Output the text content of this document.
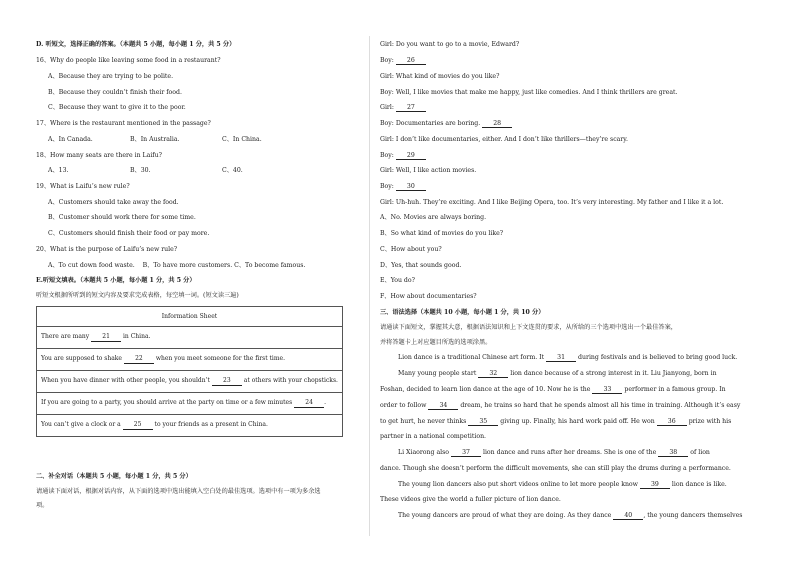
D. 听短文，选择正确的答案。（本题共 5 小题，每小题 1 分，共 5 分）
16、Why do people like leaving some food in a restaurant?
A、Because they are trying to be polite.
B、Because they couldn’t finish their food.
C、Because they want to give it to the poor.
17、Where is the restaurant mentioned in the passage?
A、In Canada.	B、In Australia.	C、In China.
18、How many seats are there in Laifu?
A、13.	B、30.	C、40.
19、What is Laifu’s new rule?
A、Customers should take away the food.
B、Customer should work there for some time.
C、Customers should finish their food or pay more.
20、What is the purpose of Laifu’s new rule?
A、To cut down food waste.    B、To have more customers. C、To become famous.
E.听短文填表。（本题共 5 小题，每小题 1 分，共 5 分）
听短文根据所听到的短文内容及要求完成表格，每空填一词。(短文读三遍)
Information Sheet
There are many 21 in China.
You are supposed to shake 22 when you meet someone for the first time.
When you have dinner with other people, you shouldn’t 23 at others with your chopsticks.
If you are going to a party, you should arrive at the party on time or a few minutes 24 .
You can’t give a clock or a 25 to your friends as a present in China.
二、补全对话（本题共 5 小题，每小题 1 分，共 5 分）
请通读下面对话，根据对话内容，从下面的选项中选出能填入空白处的最佳选项。选项中有一项为多余选
项。
Girl: Do you want to go to a movie, Edward?
Boy: 26
Girl: What kind of movies do you like?
Boy: Well, I like movies that make me happy, just like comedies. And I think thrillers are great.
Girl: 27
Boy: Documentaries are boring. 28
Girl: I don’t like documentaries, either. And I don’t like thrillers—they’re scary.
Boy: 29
Girl: Well, I like action movies.
Boy: 30
Girl: Uh-huh. They’re exciting. And I like Beijing Opera, too. It’s very interesting. My father and I like it a lot.
A、No. Movies are always boring.
B、So what kind of movies do you like?
C、How about you?
D、Yes, that sounds good.
E、You do?
F、How about documentaries?
三、语法选择（本题共 10 小题，每小题 1 分，共 10 分）
请通读下面短文，掌握其大意，根据语法知识和上下文连贯的要求，从所给的三个选项中选出一个最佳答案，
并将答题卡上对应题目所选的选项涂黑。
Lion dance is a traditional Chinese art form. It 31 during festivals and is believed to bring good luck.
Many young people start 32 lion dance because of a strong interest in it. Liu Jianyong, born in
Foshan, decided to learn lion dance at the age of 10. Now he is the 33 performer in a famous group. In
order to follow 34 dream, he trains so hard that he spends almost all his time in training. Although it’s easy
to get hurt, he never thinks 35 giving up. Finally, his hard work paid off. He won 36 prize with his
partner in a national competition.
Li Xiaorong also 37 lion dance and runs after her dreams. She is one of the 38 of lion
dance. Though she doesn’t perform the difficult movements, she can still play the drums during a performance.
The young lion dancers also put short videos online to let more people know 39 lion dance is like.
These videos give the world a fuller picture of lion dance.
The young dancers are proud of what they are doing. As they dance 40 , the young dancers themselves
